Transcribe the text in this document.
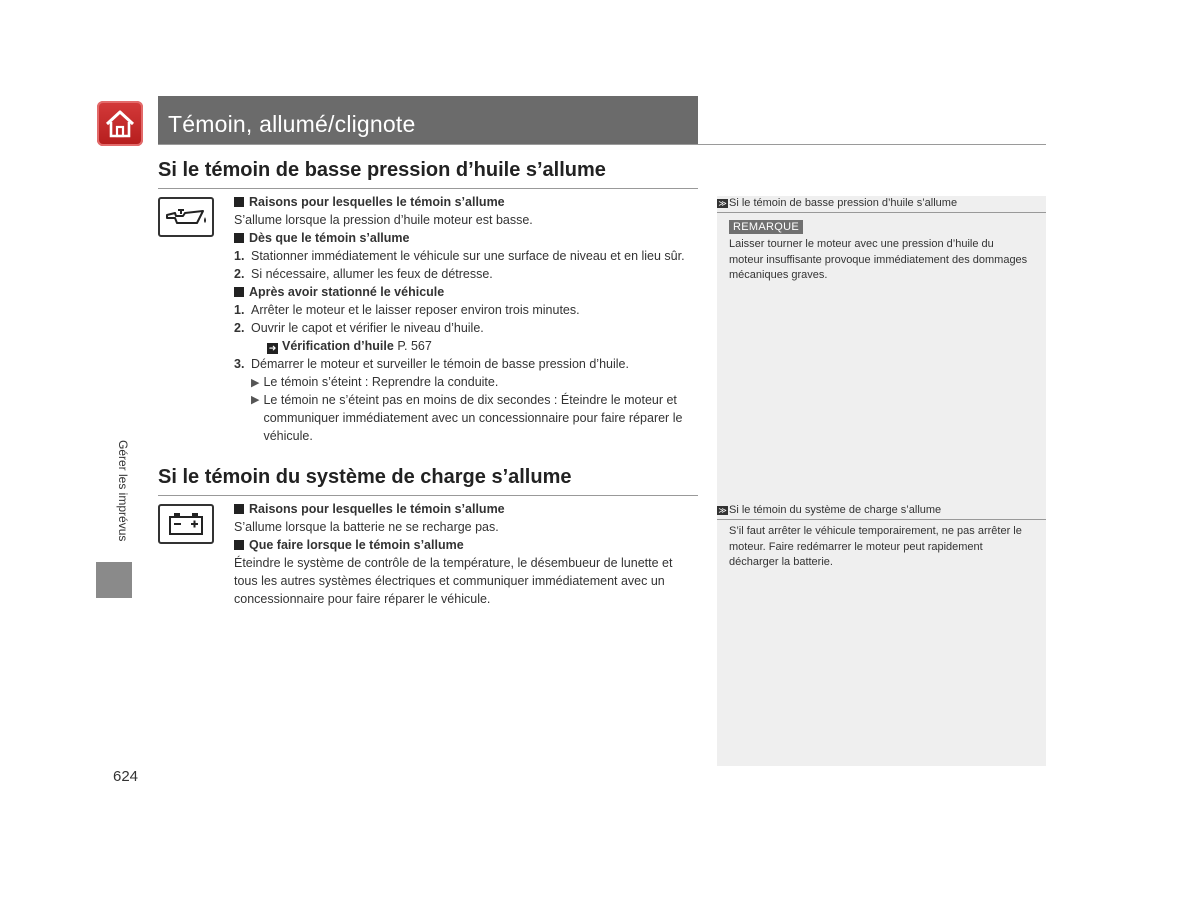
Témoin, allumé/clignote
Gérer les imprévus
Si le témoin de basse pression d’huile s’allume
Raisons pour lesquelles le témoin s’allume
S’allume lorsque la pression d’huile moteur est basse.
Dès que le témoin s’allume
1. Stationner immédiatement le véhicule sur une surface de niveau et en lieu sûr.
2. Si nécessaire, allumer les feux de détresse.
Après avoir stationné le véhicule
1. Arrêter le moteur et le laisser reposer environ trois minutes.
2. Ouvrir le capot et vérifier le niveau d’huile.
➜ Vérification d’huile P. 567
3. Démarrer le moteur et surveiller le témoin de basse pression d’huile.
▶ Le témoin s’éteint : Reprendre la conduite.
▶ Le témoin ne s’éteint pas en moins de dix secondes : Éteindre le moteur et communiquer immédiatement avec un concessionnaire pour faire réparer le véhicule.
Si le témoin du système de charge s’allume
Raisons pour lesquelles le témoin s’allume
S’allume lorsque la batterie ne se recharge pas.
Que faire lorsque le témoin s’allume
Éteindre le système de contrôle de la température, le désembueur de lunette et tous les autres systèmes électriques et communiquer immédiatement avec un concessionnaire pour faire réparer le véhicule.
≫ Si le témoin de basse pression d’huile s’allume
REMARQUE
Laisser tourner le moteur avec une pression d’huile du moteur insuffisante provoque immédiatement des dommages mécaniques graves.
≫ Si le témoin du système de charge s’allume
S’il faut arrêter le véhicule temporairement, ne pas arrêter le moteur. Faire redémarrer le moteur peut rapidement décharger la batterie.
624
